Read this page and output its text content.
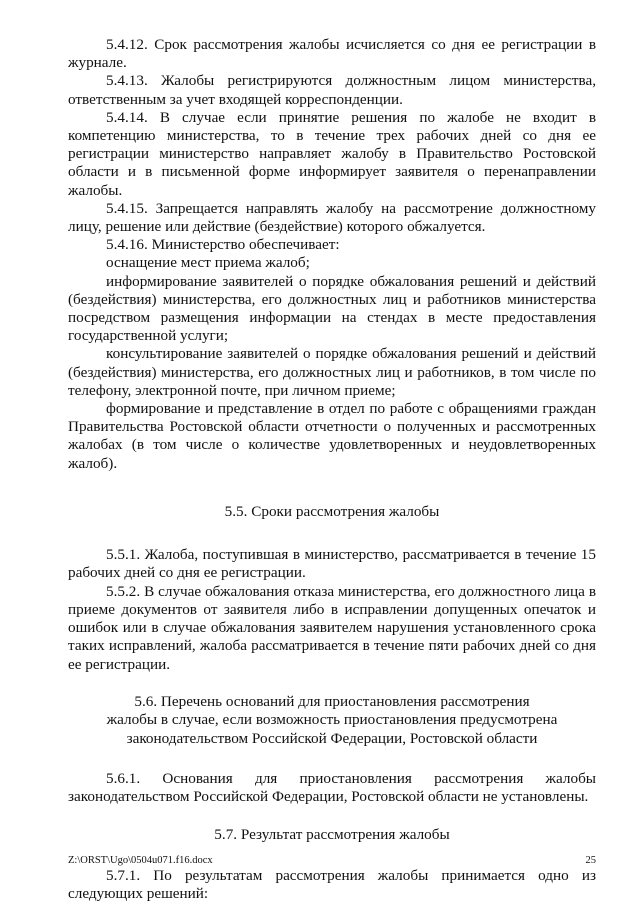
5.4.12. Срок рассмотрения жалобы исчисляется со дня ее регистрации в журнале.

5.4.13. Жалобы регистрируются должностным лицом министерства, ответственным за учет входящей корреспонденции.

5.4.14. В случае если принятие решения по жалобе не входит в компетенцию министерства, то в течение трех рабочих дней со дня ее регистрации министерство направляет жалобу в Правительство Ростовской области и в письменной форме информирует заявителя о перенаправлении жалобы.

5.4.15. Запрещается направлять жалобу на рассмотрение должностному лицу, решение или действие (бездействие) которого обжалуется.

5.4.16. Министерство обеспечивает:

оснащение мест приема жалоб;

информирование заявителей о порядке обжалования решений и действий (бездействия) министерства, его должностных лиц и работников министерства посредством размещения информации на стендах в месте предоставления государственной услуги;

консультирование заявителей о порядке обжалования решений и действий (бездействия) министерства, его должностных лиц и работников, в том числе по телефону, электронной почте, при личном приеме;

формирование и представление в отдел по работе с обращениями граждан Правительства Ростовской области отчетности о полученных и рассмотренных жалобах (в том числе о количестве удовлетворенных и неудовлетворенных жалоб).

5.5. Сроки рассмотрения жалобы

5.5.1. Жалоба, поступившая в министерство, рассматривается в течение 15 рабочих дней со дня ее регистрации.

5.5.2. В случае обжалования отказа министерства, его должностного лица в приеме документов от заявителя либо в исправлении допущенных опечаток и ошибок или в случае обжалования заявителем нарушения установленного срока таких исправлений, жалоба рассматривается в течение пяти рабочих дней со дня ее регистрации.

5.6. Перечень оснований для приостановления рассмотрения

жалобы в случае, если возможность приостановления предусмотрена

законодательством Российской Федерации, Ростовской области

5.6.1. Основания для приостановления рассмотрения жалобы законодательством Российской Федерации, Ростовской области не установлены.

5.7. Результат рассмотрения жалобы

5.7.1. По результатам рассмотрения жалобы принимается одно из следующих решений:

Z:\ORST\Ugo\0504u071.f16.docx	25
